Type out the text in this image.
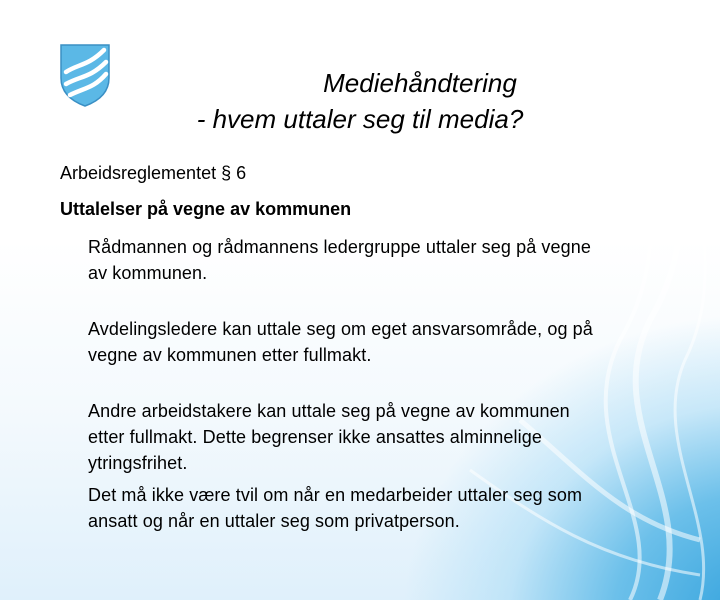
Mediehåndtering
- hvem uttaler seg til media?
Arbeidsreglementet § 6
Uttalelser på vegne av kommunen
Rådmannen og rådmannens ledergruppe uttaler seg på vegne
av kommunen.
Avdelingsledere kan uttale seg om eget ansvarsområde, og på
vegne av kommunen etter fullmakt.
Andre arbeidstakere kan uttale seg på vegne av kommunen
etter fullmakt. Dette begrenser ikke ansattes alminnelige
ytringsfrihet.
Det må ikke være tvil om når en medarbeider uttaler seg som
ansatt og når en uttaler seg som privatperson.
